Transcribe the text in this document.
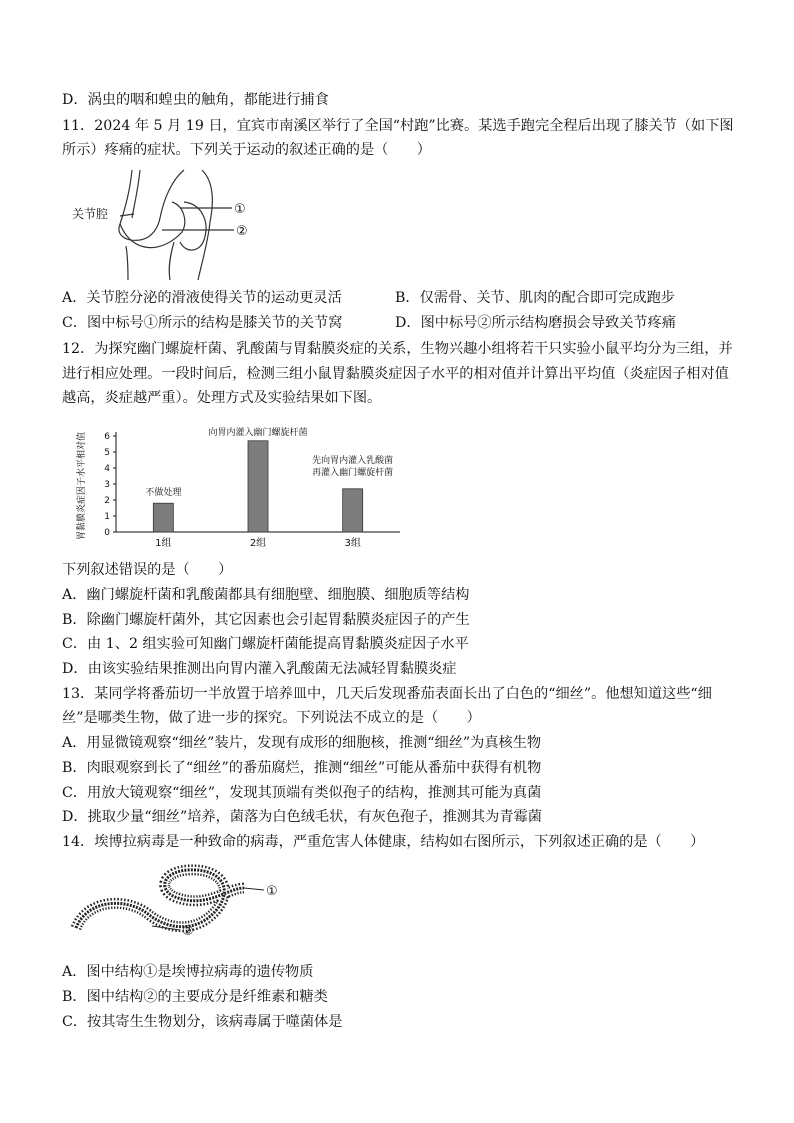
D．涡虫的咽和蝗虫的触角，都能进行捕食
11．2024 年 5 月 19 日，宜宾市南溪区举行了全国“村跑”比赛。某选手跑完全程后出现了膝关节（如下图
所示）疼痛的症状。下列关于运动的叙述正确的是（　　）
关节腔	①
②
A．关节腔分泌的滑液使得关节的运动更灵活	B．仅需骨、关节、肌肉的配合即可完成跑步
C．图中标号①所示的结构是膝关节的关节窝	D．图中标号②所示结构磨损会导致关节疼痛
12．为探究幽门螺旋杆菌、乳酸菌与胃黏膜炎症的关系，生物兴趣小组将若干只实验小鼠平均分为三组，并
进行相应处理。一段时间后，检测三组小鼠胃黏膜炎症因子水平的相对值并计算出平均值（炎症因子相对值
越高，炎症越严重）。处理方式及实验结果如下图。
胃黏膜炎症因子水平相对值 0
1
2
3
4
5
6
1组	2组	3组
不做处理
向胃内灌入幽门螺旋杆菌
先向胃内灌入乳酸菌
再灌入幽门螺旋杆菌
下列叙述错误的是（　　）
A．幽门螺旋杆菌和乳酸菌都具有细胞壁、细胞膜、细胞质等结构
B．除幽门螺旋杆菌外，其它因素也会引起胃黏膜炎症因子的产生
C．由 1、2 组实验可知幽门螺旋杆菌能提高胃黏膜炎症因子水平
D．由该实验结果推测出向胃内灌入乳酸菌无法减轻胃黏膜炎症
13．某同学将番茄切一半放置于培养皿中，几天后发现番茄表面长出了白色的“细丝”。他想知道这些“细
丝”是哪类生物，做了进一步的探究。下列说法不成立的是（　　）
A．用显微镜观察“细丝”装片，发现有成形的细胞核，推测“细丝”为真核生物
B．肉眼观察到长了“细丝”的番茄腐烂，推测“细丝”可能从番茄中获得有机物
C．用放大镜观察“细丝”，发现其顶端有类似孢子的结构，推测其可能为真菌
D．挑取少量“细丝”培养，菌落为白色绒毛状，有灰色孢子，推测其为青霉菌
14．埃博拉病毒是一种致命的病毒，严重危害人体健康，结构如右图所示，下列叙述正确的是（　　）
①
②
A．图中结构①是埃博拉病毒的遗传物质
B．图中结构②的主要成分是纤维素和糖类
C．按其寄生生物划分，该病毒属于噬菌体是
